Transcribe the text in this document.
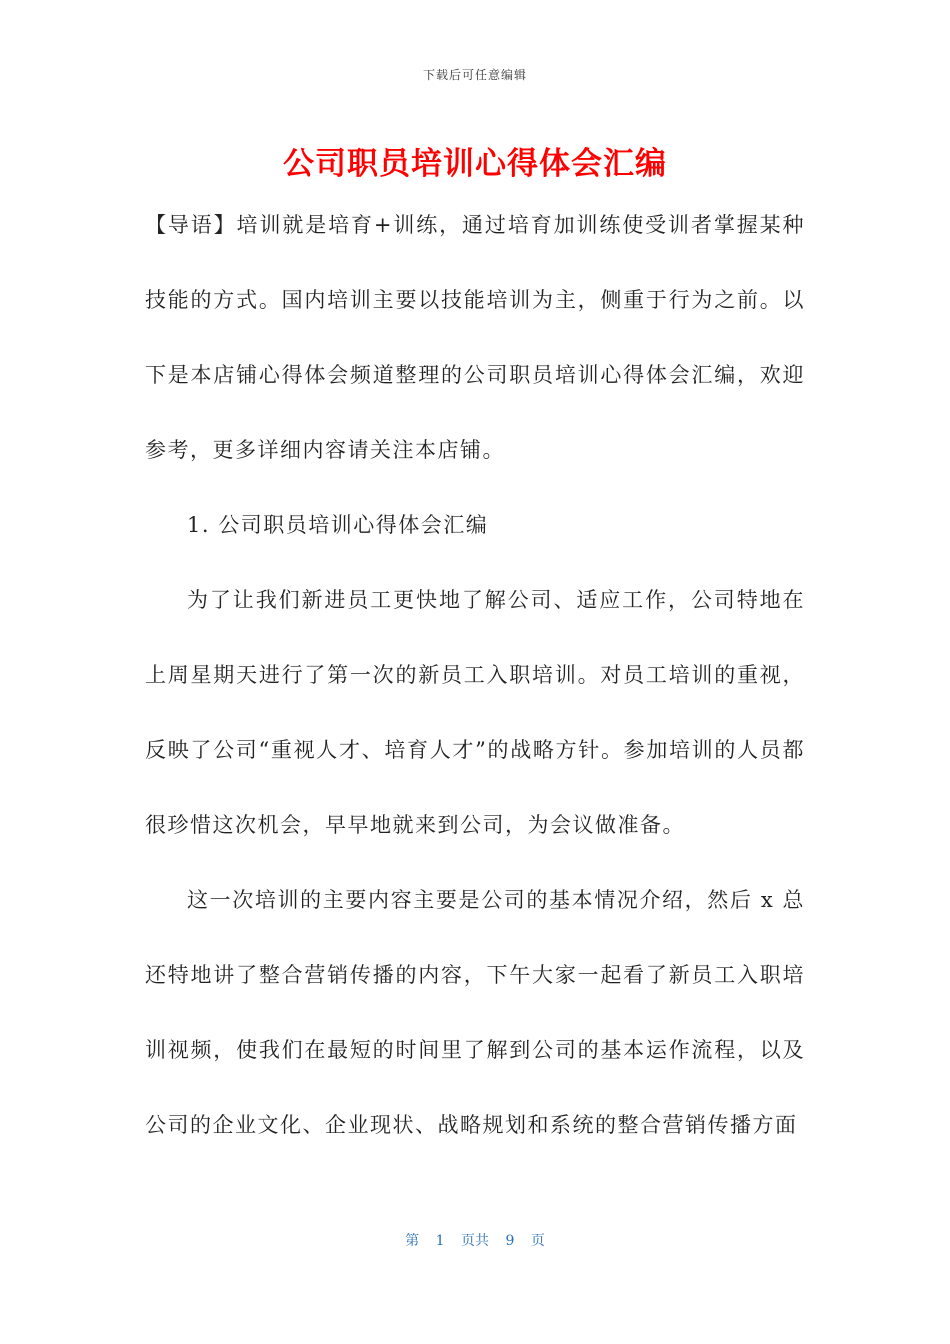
下载后可任意编辑
公司职员培训心得体会汇编

【导语】培训就是培育+训练，通过培育加训练使受训者掌握某种技能的方式。国内培训主要以技能培训为主，侧重于行为之前。以下是本店铺心得体会频道整理的公司职员培训心得体会汇编，欢迎参考，更多详细内容请关注本店铺。

1. 公司职员培训心得体会汇编

为了让我们新进员工更快地了解公司、适应工作，公司特地在上周星期天进行了第一次的新员工入职培训。对员工培训的重视，反映了公司“重视人才、培育人才”的战略方针。参加培训的人员都很珍惜这次机会，早早地就来到公司，为会议做准备。

这一次培训的主要内容主要是公司的基本情况介绍，然后 x 总还特地讲了整合营销传播的内容，下午大家一起看了新员工入职培训视频，使我们在最短的时间里了解到公司的基本运作流程，以及公司的企业文化、企业现状、战略规划和系统的整合营销传播方面

第 1 页共 9 页
